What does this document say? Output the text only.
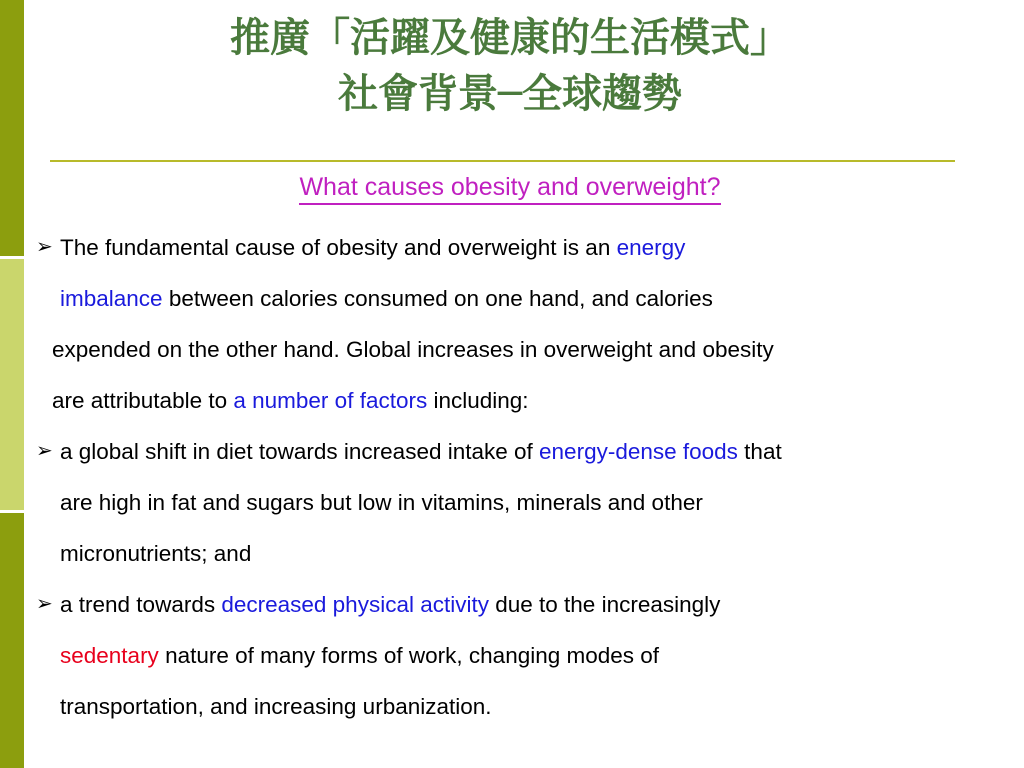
推廣「活躍及健康的生活模式」
社會背景─全球趨勢
What causes obesity and overweight?
➢ The fundamental cause of obesity and overweight is an energy
imbalance between calories consumed on one hand, and calories
expended on the other hand. Global increases in overweight and obesity
are attributable to a number of factors including:
➢ a global shift in diet towards increased intake of energy-dense foods that
are high in fat and sugars but low in vitamins, minerals and other
micronutrients; and
➢ a trend towards decreased physical activity due to the increasingly
sedentary nature of many forms of work, changing modes of
transportation, and increasing urbanization.
